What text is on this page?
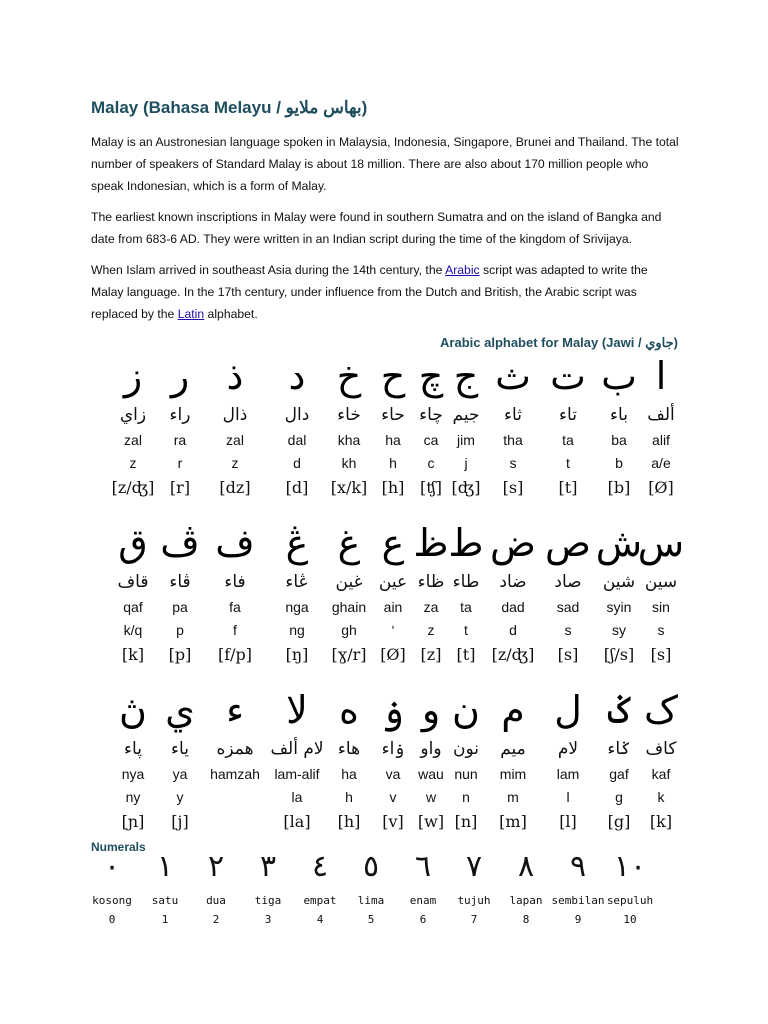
Malay (Bahasa Melayu / بهاس ملايو)

Malay is an Austronesian language spoken in Malaysia, Indonesia, Singapore, Brunei and Thailand. The total number of speakers of Standard Malay is about 18 million. There are also about 170 million people who speak Indonesian, which is a form of Malay.

The earliest known inscriptions in Malay were found in southern Sumatra and on the island of Bangka and date from 683-6 AD. They were written in an Indian script during the time of the kingdom of Srivijaya.

When Islam arrived in southeast Asia during the 14th century, the Arabic script was adapted to write the Malay language. In the 17th century, under influence from the Dutch and British, the Arabic script was replaced by the Latin alphabet.

Arabic alphabet for Malay (Jawi / جاوي)
ا
ألف
alif
a/e
[Ø]
ب
باء
ba
b
[b]
ت
تاء
ta
t
[t]
ث
ثاء
tha
s
[s]
ج
جيم
jim
j
[ʤ]
چ
چاء
ca
c
[ʧ]
ح
حاء
ha
h
[h]
خ
خاء
kha
kh
[x/k]
د
دال
dal
d
[d]
ذ
ذال
zal
z
[dz]
ر
راء
ra
r
[r]
ز
زاي
zal
z
[z/ʤ]
س
سين
sin
s
[s]
ش
شين
syin
sy
[ʃ/s]
ص
صاد
sad
s
[s]
ض
ضاد
dad
d
[z/ʤ]
ط
طاء
ta
t
[t]
ظ
ظاء
za
z
[z]
ع
عين
ain
‘
[Ø]
غ
غين
ghain
gh
[ɣ/r]
ڠ
ڠاء
nga
ng
[ŋ]
ف
فاء
fa
f
[f/p]
ڤ
ڤاء
pa
p
[p]
ق
قاف
qaf
k/q
[k]
ک
كاف
kaf
k
[k]
ݢ
ݢاء
gaf
g
[g]
ل
لام
lam
l
[l]
م
ميم
mim
m
[m]
ن
نون
nun
n
[n]
و
واو
wau
w
[w]
ۏ
ۏاء
va
v
[v]
ه
هاء
ha
h
[h]
لا
لام ألف
lam-alif
la
[la]
ء
همزه
hamzah
ي
ياء
ya
y
[j]
ڽ
ڽاء
nya
ny
[ɲ]
Numerals
٠
kosong
0
١
satu
1
٢
dua
2
٣
tiga
3
٤
empat
4
٥
lima
5
٦
enam
6
٧
tujuh
7
٨
lapan
8
٩
sembilan
9
١٠
sepuluh
10
